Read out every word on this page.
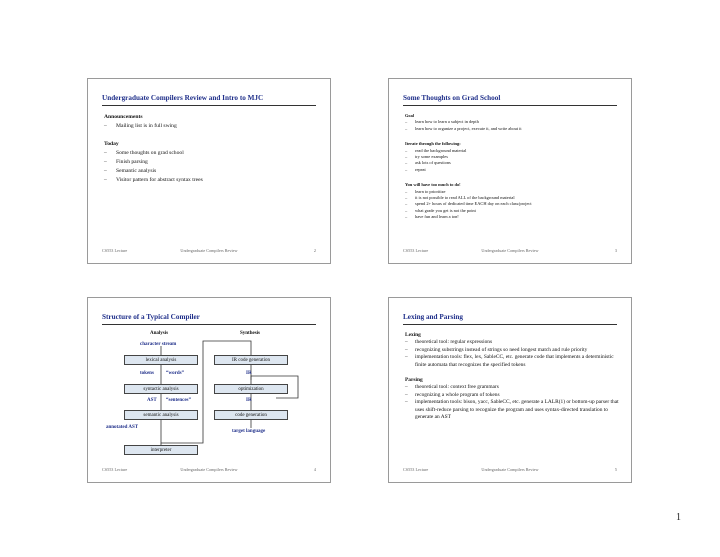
Undergraduate Compilers Review and Intro to MJC
Announcements
– Mailing list is in full swing
Today
– Some thoughts on grad school
– Finish parsing
– Semantic analysis
– Visitor pattern for abstract syntax trees
CS553 Lecture	Undergraduate Compilers Review	2
Some Thoughts on Grad School
Goal
– learn how to learn a subject in depth
– learn how to organize a project, execute it, and write about it
Iterate through the following:
– read the background material
– try some examples
– ask lots of questions
– repeat
You will have too much to do!
– learn to prioritize
– it is not possible to read ALL of the background material
– spend 2+ hours of dedicated time EACH day on each class/project
– what grade you get is not the point
– have fun and learn a ton!
CS553 Lecture	Undergraduate Compilers Review	3
Structure of a Typical Compiler
Analysis	Synthesis
character stream
lexical analysis
tokens “words”
syntactic analysis
AST “sentences”
semantic analysis
annotated AST
interpreter
IR code generation
IR
optimization
IR
code generation
target language
CS553 Lecture	Undergraduate Compilers Review	4
Lexing and Parsing
Lexing
– theoretical tool: regular expressions
– recognizing substrings instead of strings so need longest match and rule priority
– implementation tools: flex, lex, SableCC, etc. generate code that implements a deterministic finite automata that recognizes the specified tokens
Parsing
– theoretical tool: context free grammars
– recognizing a whole program of tokens
– implementation tools: bison, yacc, SableCC, etc. generate a LALR(1) or bottom-up parser that uses shift-reduce parsing to recognize the program and uses syntax-directed translation to generate an AST
CS553 Lecture	Undergraduate Compilers Review	5
1
